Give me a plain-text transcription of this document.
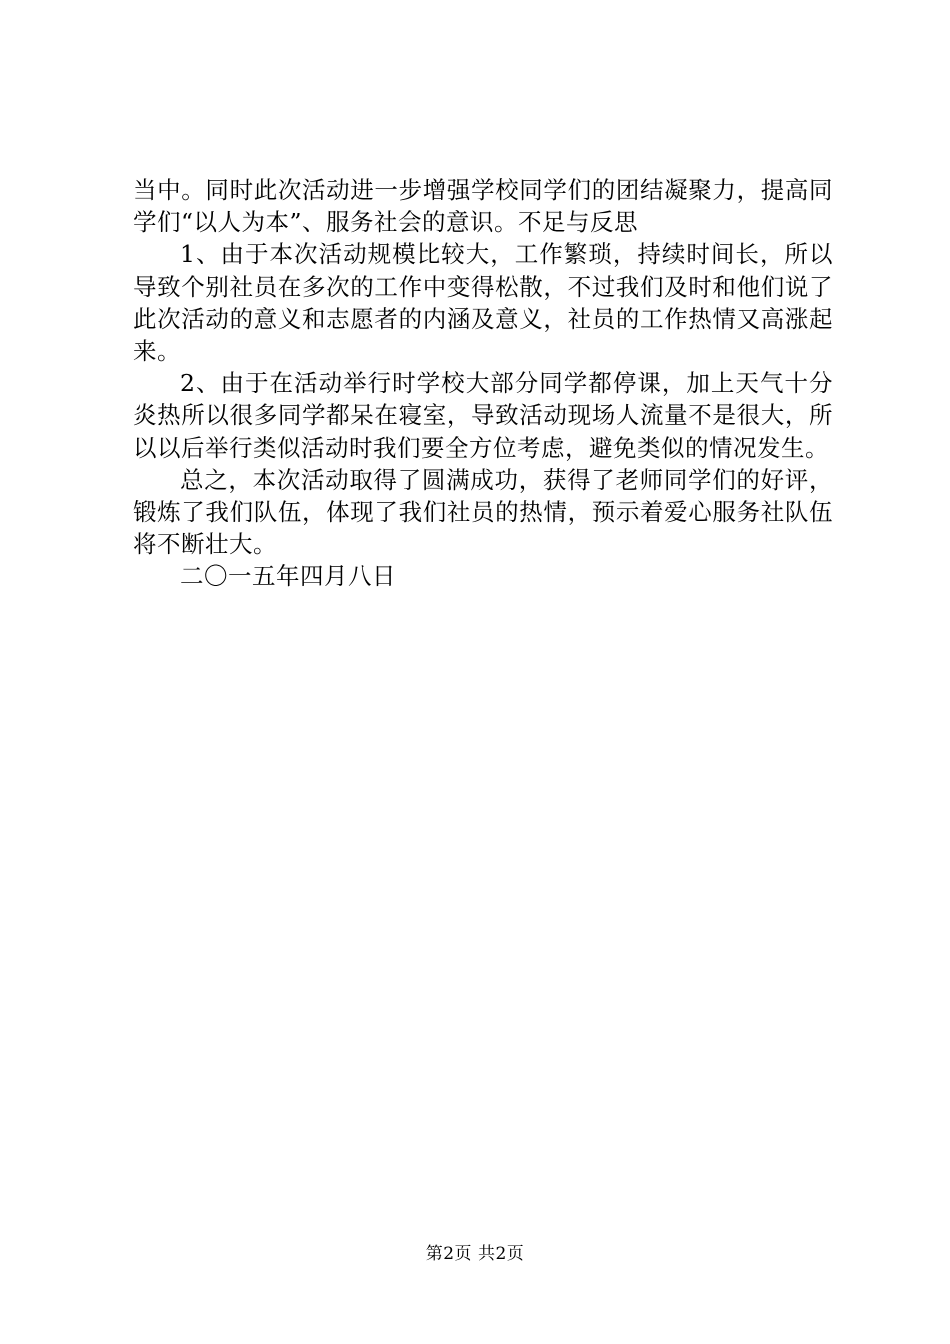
当中。同时此次活动进一步增强学校同学们的团结凝聚力，提高同学们“以人为本”、服务社会的意识。不足与反思

1、由于本次活动规模比较大，工作繁琐，持续时间长，所以导致个别社员在多次的工作中变得松散，不过我们及时和他们说了此次活动的意义和志愿者的内涵及意义，社员的工作热情又高涨起来。

2、由于在活动举行时学校大部分同学都停课，加上天气十分炎热所以很多同学都呆在寝室，导致活动现场人流量不是很大，所以以后举行类似活动时我们要全方位考虑，避免类似的情况发生。

总之，本次活动取得了圆满成功，获得了老师同学们的好评，锻炼了我们队伍，体现了我们社员的热情，预示着爱心服务社队伍将不断壮大。

二〇一五年四月八日

第2页 共2页
